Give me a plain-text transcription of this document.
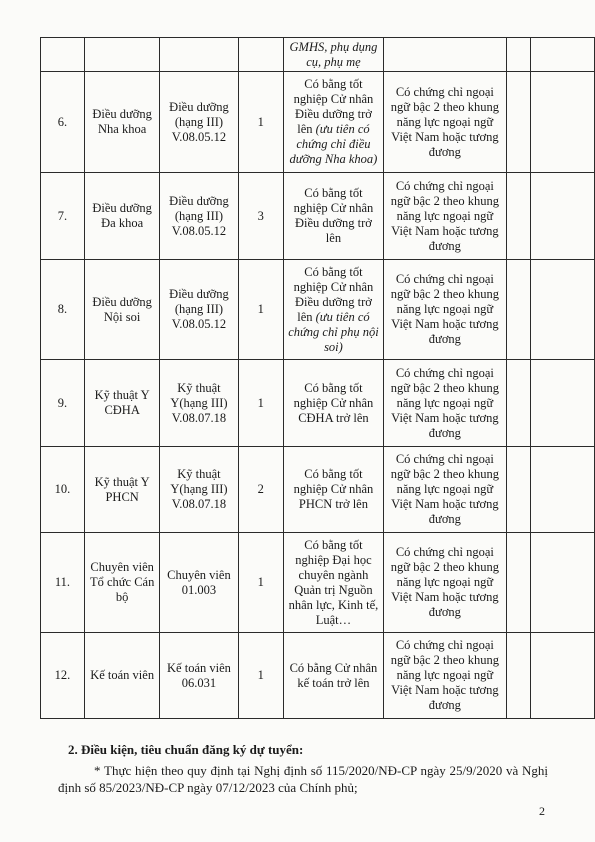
				GMHS, phụ dụng cụ, phụ mẹ			
6.	Điều dưỡng Nha khoa	Điều dưỡng (hạng III) V.08.05.12	1	Có bằng tốt nghiệp Cử nhân Điều dưỡng trở lên (ưu tiên có chứng chỉ điều dưỡng Nha khoa)	Có chứng chỉ ngoại ngữ bậc 2 theo khung năng lực ngoại ngữ Việt Nam hoặc tương đương		
7.	Điều dưỡng Đa khoa	Điều dưỡng (hạng III) V.08.05.12	3	Có bằng tốt nghiệp Cử nhân Điều dưỡng trở lên	Có chứng chỉ ngoại ngữ bậc 2 theo khung năng lực ngoại ngữ Việt Nam hoặc tương đương		
8.	Điều dưỡng Nội soi	Điều dưỡng (hạng III) V.08.05.12	1	Có bằng tốt nghiệp Cử nhân Điều dưỡng trở lên (ưu tiên có chứng chỉ phụ nội soi)	Có chứng chỉ ngoại ngữ bậc 2 theo khung năng lực ngoại ngữ Việt Nam hoặc tương đương		
9.	Kỹ thuật Y CĐHA	Kỹ thuật Y(hạng III) V.08.07.18	1	Có bằng tốt nghiệp Cử nhân CĐHA trở lên	Có chứng chỉ ngoại ngữ bậc 2 theo khung năng lực ngoại ngữ Việt Nam hoặc tương đương		
10.	Kỹ thuật Y PHCN	Kỹ thuật Y(hạng III) V.08.07.18	2	Có bằng tốt nghiệp Cử nhân PHCN trở lên	Có chứng chỉ ngoại ngữ bậc 2 theo khung năng lực ngoại ngữ Việt Nam hoặc tương đương		
11.	Chuyên viên Tổ chức Cán bộ	Chuyên viên 01.003	1	Có bằng tốt nghiệp Đại học chuyên ngành Quản trị Nguồn nhân lực, Kinh tế, Luật…	Có chứng chỉ ngoại ngữ bậc 2 theo khung năng lực ngoại ngữ Việt Nam hoặc tương đương		
12.	Kế toán viên	Kế toán viên 06.031	1	Có bằng Cử nhân kế toán trở lên	Có chứng chỉ ngoại ngữ bậc 2 theo khung năng lực ngoại ngữ Việt Nam hoặc tương đương		

2. Điều kiện, tiêu chuẩn đăng ký dự tuyển:

* Thực hiện theo quy định tại Nghị định số 115/2020/NĐ-CP ngày 25/9/2020 và Nghị định số 85/2023/NĐ-CP ngày 07/12/2023 của Chính phủ;

2
